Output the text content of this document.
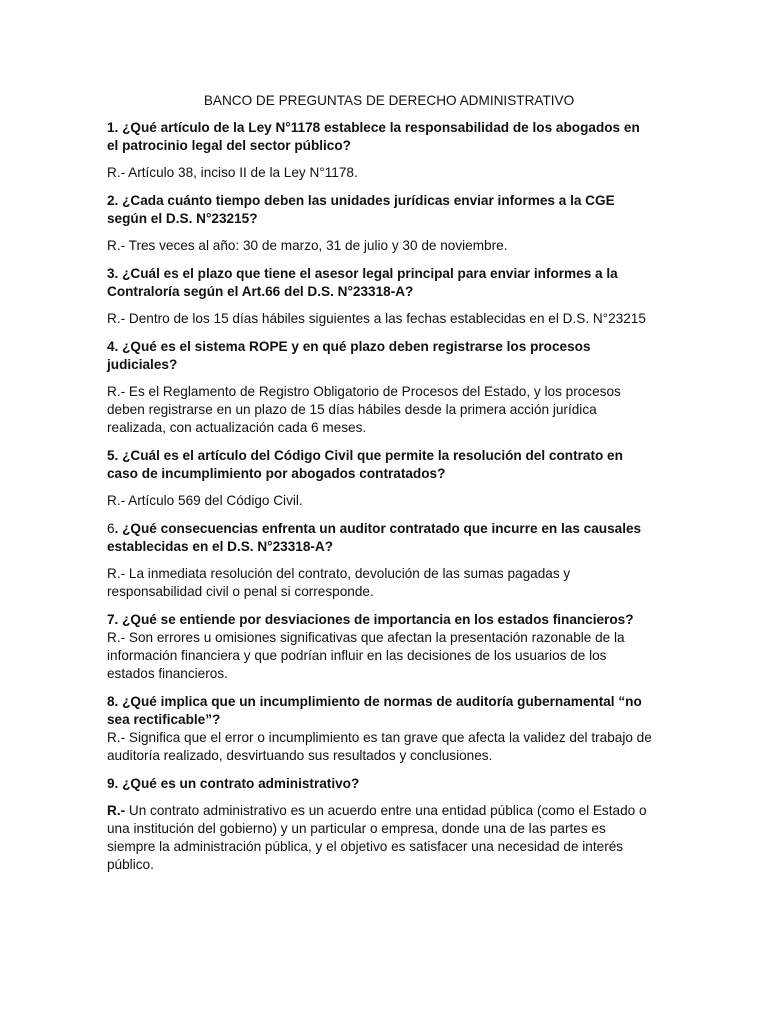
BANCO DE PREGUNTAS DE DERECHO ADMINISTRATIVO
1. ¿Qué artículo de la Ley N°1178 establece la responsabilidad de los abogados en
el patrocinio legal del sector público?
R.- Artículo 38, inciso II de la Ley N°1178.
2. ¿Cada cuánto tiempo deben las unidades jurídicas enviar informes a la CGE
según el D.S. N°23215?
R.- Tres veces al año: 30 de marzo, 31 de julio y 30 de noviembre.
3. ¿Cuál es el plazo que tiene el asesor legal principal para enviar informes a la
Contraloría según el Art.66 del D.S. N°23318-A?
R.- Dentro de los 15 días hábiles siguientes a las fechas establecidas en el D.S. N°23215
4. ¿Qué es el sistema ROPE y en qué plazo deben registrarse los procesos
judiciales?
R.- Es el Reglamento de Registro Obligatorio de Procesos del Estado, y los procesos
deben registrarse en un plazo de 15 días hábiles desde la primera acción jurídica
realizada, con actualización cada 6 meses.
5. ¿Cuál es el artículo del Código Civil que permite la resolución del contrato en
caso de incumplimiento por abogados contratados?
R.- Artículo 569 del Código Civil.
6. ¿Qué consecuencias enfrenta un auditor contratado que incurre en las causales
establecidas en el D.S. N°23318-A?
R.- La inmediata resolución del contrato, devolución de las sumas pagadas y
responsabilidad civil o penal si corresponde.
7. ¿Qué se entiende por desviaciones de importancia en los estados financieros?
R.- Son errores u omisiones significativas que afectan la presentación razonable de la
información financiera y que podrían influir en las decisiones de los usuarios de los
estados financieros.
8. ¿Qué implica que un incumplimiento de normas de auditoría gubernamental “no
sea rectificable”?
R.- Significa que el error o incumplimiento es tan grave que afecta la validez del trabajo de
auditoría realizado, desvirtuando sus resultados y conclusiones.
9. ¿Qué es un contrato administrativo?
R.- Un contrato administrativo es un acuerdo entre una entidad pública (como el Estado o
una institución del gobierno) y un particular o empresa, donde una de las partes es
siempre la administración pública, y el objetivo es satisfacer una necesidad de interés
público.
